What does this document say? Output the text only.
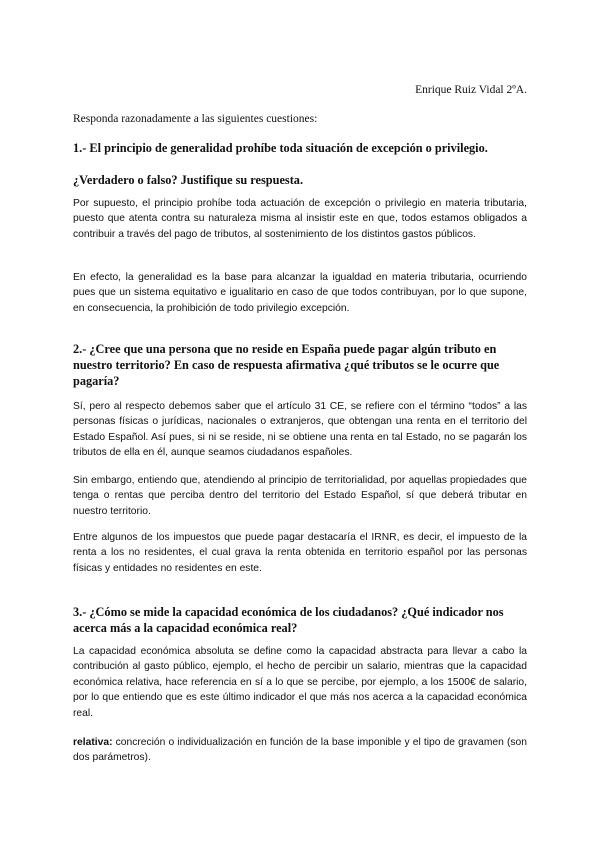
Enrique Ruiz Vidal 2ºA.
Responda razonadamente a las siguientes cuestiones:
1.- El principio de generalidad prohíbe toda situación de excepción o privilegio.
¿Verdadero o falso? Justifique su respuesta.
Por supuesto, el principio prohíbe toda actuación de excepción o privilegio en materia tributaria, puesto que atenta contra su naturaleza misma al insistir este en que, todos estamos obligados a contribuir a través del pago de tributos, al sostenimiento de los distintos gastos públicos.
En efecto, la generalidad es la base para alcanzar la igualdad en materia tributaria, ocurriendo pues que un sistema equitativo e igualitario en caso de que todos contribuyan, por lo que supone, en consecuencia, la prohibición de todo privilegio excepción.
2.- ¿Cree que una persona que no reside en España puede pagar algún tributo en nuestro territorio? En caso de respuesta afirmativa ¿qué tributos se le ocurre que pagaría?
Sí, pero al respecto debemos saber que el artículo 31 CE, se refiere con el término “todos” a las personas físicas o jurídicas, nacionales o extranjeros, que obtengan una renta en el territorio del Estado Español. Así pues, si ni se reside, ni se obtiene una renta en tal Estado, no se pagarán los tributos de ella en él, aunque seamos ciudadanos españoles.
Sin embargo, entiendo que, atendiendo al principio de territorialidad, por aquellas propiedades que tenga o rentas que perciba dentro del territorio del Estado Español, sí que deberá tributar en nuestro territorio.
Entre algunos de los impuestos que puede pagar destacaría el IRNR, es decir, el impuesto de la renta a los no residentes, el cual grava la renta obtenida en territorio español por las personas físicas y entidades no residentes en este.
3.- ¿Cómo se mide la capacidad económica de los ciudadanos? ¿Qué indicador nos acerca más a la capacidad económica real?
La capacidad económica absoluta se define como la capacidad abstracta para llevar a cabo la contribución al gasto público, ejemplo, el hecho de percibir un salario, mientras que la capacidad económica relativa, hace referencia en sí a lo que se percibe, por ejemplo, a los 1500€ de salario, por lo que entiendo que es este último indicador el que más nos acerca a la capacidad económica real.
relativa: concreción o individualización en función de la base imponible y el tipo de gravamen (son dos parámetros).
